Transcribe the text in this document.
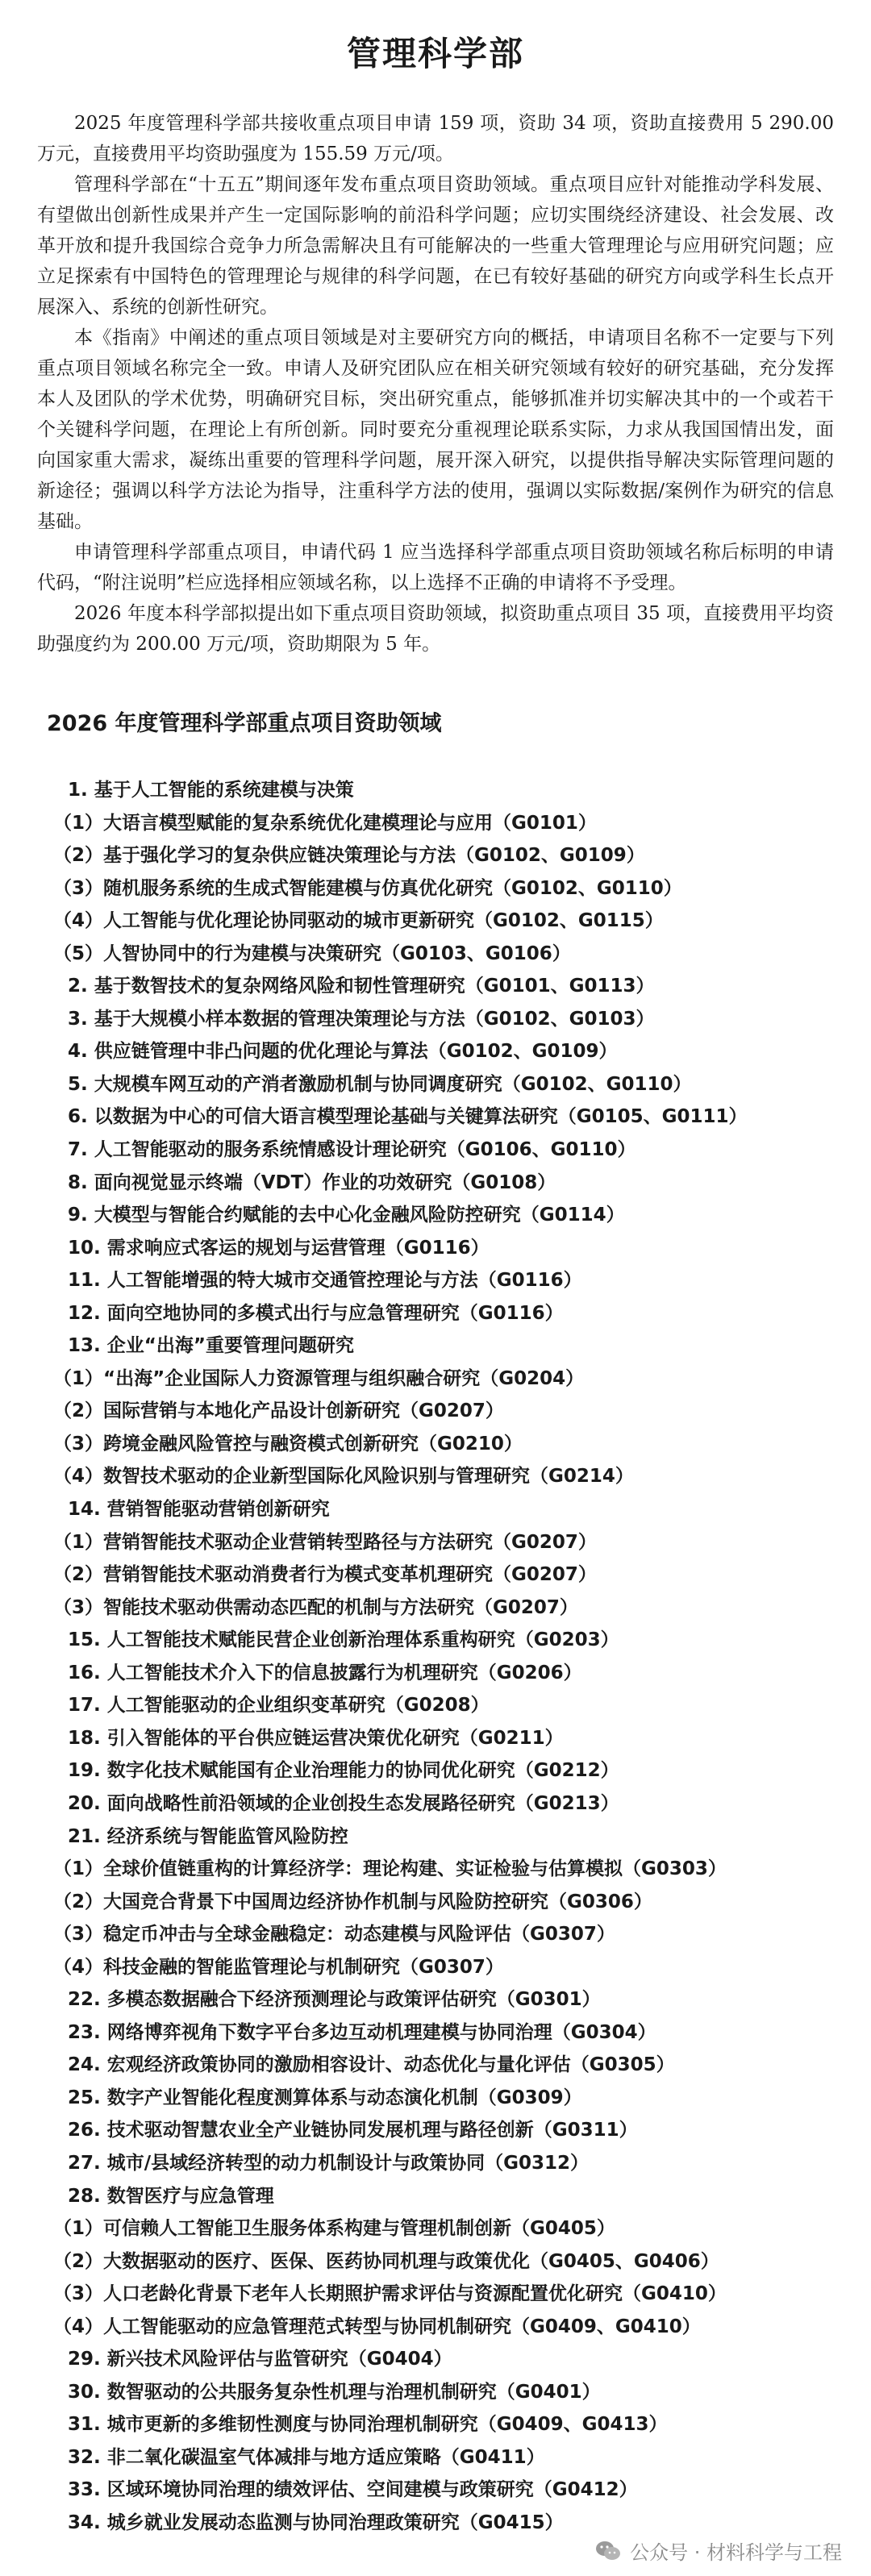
管理科学部

2025 年度管理科学部共接收重点项目申请 159 项，资助 34 项，资助直接费用 5 290.00 万元，直接费用平均资助强度为 155.59 万元/项。

管理科学部在“十五五”期间逐年发布重点项目资助领域。重点项目应针对能推动学科发展、有望做出创新性成果并产生一定国际影响的前沿科学问题；应切实围绕经济建设、社会发展、改革开放和提升我国综合竞争力所急需解决且有可能解决的一些重大管理理论与应用研究问题；应立足探索有中国特色的管理理论与规律的科学问题，在已有较好基础的研究方向或学科生长点开展深入、系统的创新性研究。

本《指南》中阐述的重点项目领域是对主要研究方向的概括，申请项目名称不一定要与下列重点项目领域名称完全一致。申请人及研究团队应在相关研究领域有较好的研究基础，充分发挥本人及团队的学术优势，明确研究目标，突出研究重点，能够抓准并切实解决其中的一个或若干个关键科学问题，在理论上有所创新。同时要充分重视理论联系实际，力求从我国国情出发，面向国家重大需求，凝练出重要的管理科学问题，展开深入研究，以提供指导解决实际管理问题的新途径；强调以科学方法论为指导，注重科学方法的使用，强调以实际数据/案例作为研究的信息基础。

申请管理科学部重点项目，申请代码 1 应当选择科学部重点项目资助领域名称后标明的申请代码，“附注说明”栏应选择相应领域名称，以上选择不正确的申请将不予受理。

2026 年度本科学部拟提出如下重点项目资助领域，拟资助重点项目 35 项，直接费用平均资助强度约为 200.00 万元/项，资助期限为 5 年。

2026 年度管理科学部重点项目资助领域
1. 基于人工智能的系统建模与决策
（1）大语言模型赋能的复杂系统优化建模理论与应用（G0101）
（2）基于强化学习的复杂供应链决策理论与方法（G0102、G0109）
（3）随机服务系统的生成式智能建模与仿真优化研究（G0102、G0110）
（4）人工智能与优化理论协同驱动的城市更新研究（G0102、G0115）
（5）人智协同中的行为建模与决策研究（G0103、G0106）
2. 基于数智技术的复杂网络风险和韧性管理研究（G0101、G0113）
3. 基于大规模小样本数据的管理决策理论与方法（G0102、G0103）
4. 供应链管理中非凸问题的优化理论与算法（G0102、G0109）
5. 大规模车网互动的产消者激励机制与协同调度研究（G0102、G0110）
6. 以数据为中心的可信大语言模型理论基础与关键算法研究（G0105、G0111）
7. 人工智能驱动的服务系统情感设计理论研究（G0106、G0110）
8. 面向视觉显示终端（VDT）作业的功效研究（G0108）
9. 大模型与智能合约赋能的去中心化金融风险防控研究（G0114）
10. 需求响应式客运的规划与运营管理（G0116）
11. 人工智能增强的特大城市交通管控理论与方法（G0116）
12. 面向空地协同的多模式出行与应急管理研究（G0116）
13. 企业“出海”重要管理问题研究
（1）“出海”企业国际人力资源管理与组织融合研究（G0204）
（2）国际营销与本地化产品设计创新研究（G0207）
（3）跨境金融风险管控与融资模式创新研究（G0210）
（4）数智技术驱动的企业新型国际化风险识别与管理研究（G0214）
14. 营销智能驱动营销创新研究
（1）营销智能技术驱动企业营销转型路径与方法研究（G0207）
（2）营销智能技术驱动消费者行为模式变革机理研究（G0207）
（3）智能技术驱动供需动态匹配的机制与方法研究（G0207）
15. 人工智能技术赋能民营企业创新治理体系重构研究（G0203）
16. 人工智能技术介入下的信息披露行为机理研究（G0206）
17. 人工智能驱动的企业组织变革研究（G0208）
18. 引入智能体的平台供应链运营决策优化研究（G0211）
19. 数字化技术赋能国有企业治理能力的协同优化研究（G0212）
20. 面向战略性前沿领域的企业创投生态发展路径研究（G0213）
21. 经济系统与智能监管风险防控
（1）全球价值链重构的计算经济学：理论构建、实证检验与估算模拟（G0303）
（2）大国竞合背景下中国周边经济协作机制与风险防控研究（G0306）
（3）稳定币冲击与全球金融稳定：动态建模与风险评估（G0307）
（4）科技金融的智能监管理论与机制研究（G0307）
22. 多模态数据融合下经济预测理论与政策评估研究（G0301）
23. 网络博弈视角下数字平台多边互动机理建模与协同治理（G0304）
24. 宏观经济政策协同的激励相容设计、动态优化与量化评估（G0305）
25. 数字产业智能化程度测算体系与动态演化机制（G0309）
26. 技术驱动智慧农业全产业链协同发展机理与路径创新（G0311）
27. 城市/县域经济转型的动力机制设计与政策协同（G0312）
28. 数智医疗与应急管理
（1）可信赖人工智能卫生服务体系构建与管理机制创新（G0405）
（2）大数据驱动的医疗、医保、医药协同机理与政策优化（G0405、G0406）
（3）人口老龄化背景下老年人长期照护需求评估与资源配置优化研究（G0410）
（4）人工智能驱动的应急管理范式转型与协同机制研究（G0409、G0410）
29. 新兴技术风险评估与监管研究（G0404）
30. 数智驱动的公共服务复杂性机理与治理机制研究（G0401）
31. 城市更新的多维韧性测度与协同治理机制研究（G0409、G0413）
32. 非二氧化碳温室气体减排与地方适应策略（G0411）
33. 区域环境协同治理的绩效评估、空间建模与政策研究（G0412）
34. 城乡就业发展动态监测与协同治理政策研究（G0415）
公众号 · 材料科学与工程
